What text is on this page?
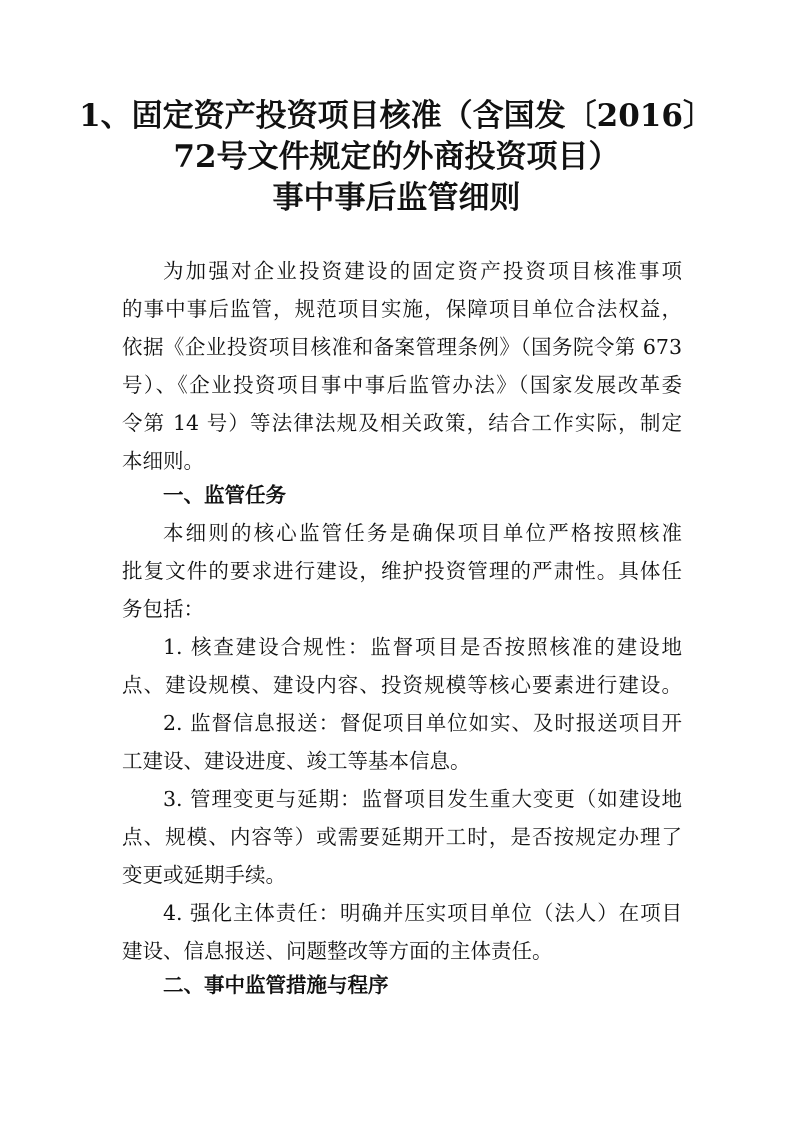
1、固定资产投资项目核准（含国发〔2016〕
72号文件规定的外商投资项目）
事中事后监管细则
为加强对企业投资建设的固定资产投资项目核准事项
的事中事后监管，规范项目实施，保障项目单位合法权益，
依据《企业投资项目核准和备案管理条例》（国务院令第 673
号）、《企业投资项目事中事后监管办法》（国家发展改革委
令第 14 号）等法律法规及相关政策，结合工作实际，制定
本细则。
一、监管任务
本细则的核心监管任务是确保项目单位严格按照核准
批复文件的要求进行建设，维护投资管理的严肃性。具体任
务包括：
1. 核查建设合规性：监督项目是否按照核准的建设地
点、建设规模、建设内容、投资规模等核心要素进行建设。
2. 监督信息报送：督促项目单位如实、及时报送项目开
工建设、建设进度、竣工等基本信息。
3. 管理变更与延期：监督项目发生重大变更（如建设地
点、规模、内容等）或需要延期开工时，是否按规定办理了
变更或延期手续。
4. 强化主体责任：明确并压实项目单位（法人）在项目
建设、信息报送、问题整改等方面的主体责任。
二、事中监管措施与程序
